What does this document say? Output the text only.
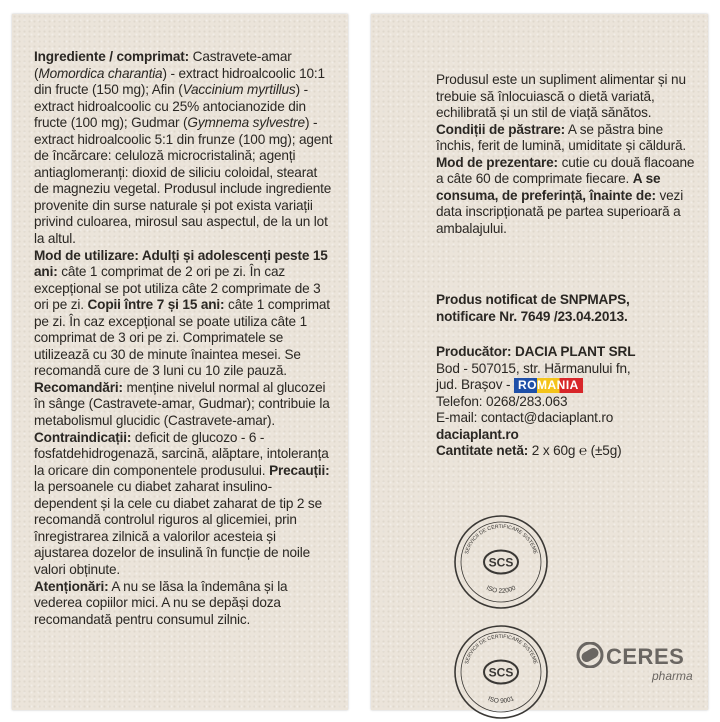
Ingrediente / comprimat: Castravete-amar (Momordica charantia) - extract hidroalcoolic 10:1 din fructe (150 mg); Afin (Vaccinium myrtillus) - extract hidroalcoolic cu 25% antocianozide din fructe (100 mg); Gudmar (Gymnema sylvestre) - extract hidroalcoolic 5:1 din frunze (100 mg); agent de încărcare: celuloză microcristalină; agenți antiaglomeranți: dioxid de siliciu coloidal, stearat de magneziu vegetal. Produsul include ingrediente provenite din surse naturale și pot exista variații privind culoarea, mirosul sau aspectul, de la un lot la altul.

Mod de utilizare: Adulți și adolescenți peste 15 ani: câte 1 comprimat de 2 ori pe zi. În caz excepțional se pot utiliza câte 2 comprimate de 3 ori pe zi. Copii între 7 și 15 ani: câte 1 comprimat pe zi. În caz excepțional se poate utiliza câte 1 comprimat de 3 ori pe zi. Comprimatele se utilizează cu 30 de minute înaintea mesei. Se recomandă cure de 3 luni cu 10 zile pauză.

Recomandări: menține nivelul normal al glucozei în sânge (Castravete-amar, Gudmar); contribuie la metabolismul glucidic (Castravete-amar). Contraindicații: deficit de glucozo - 6 - fosfatdehidrogenază, sarcină, alăptare, intoleranța la oricare din componentele produsului. Precauții: la persoanele cu diabet zaharat insulino-dependent și la cele cu diabet zaharat de tip 2 se recomandă controlul riguros al glicemiei, prin înregistrarea zilnică a valorilor acesteia și ajustarea dozelor de insulină în funcție de noile valori obținute.

Atenționări: A nu se lăsa la îndemâna și la vederea copiilor mici. A nu se depăși doza recomandată pentru consumul zilnic.

Produsul este un supliment alimentar și nu trebuie să înlocuiască o dietă variată, echilibrată și un stil de viață sănătos. Condiții de păstrare: A se păstra bine închis, ferit de lumină, umiditate și căldură. Mod de prezentare: cutie cu două flacoane a câte 60 de comprimate fiecare. A se consuma, de preferință, înainte de: vezi data inscripționată pe partea superioară a ambalajului.

Produs notificat de SNPMAPS,

notificare Nr. 7649 /23.04.2013.

Producător: DACIA PLANT SRL

Bod - 507015, str. Hărmanului fn,

jud. Brașov - ROMANIA

Telefon: 0268/283.063

E-mail: contact@daciaplant.ro

daciaplant.ro

Cantitate netă: 2 x 60g ℮ (±5g)

SERVICII DE CERTIFICARE SISTEME
SCS
ISO 22000
SERVICII DE CERTIFICARE SISTEME
SCS
ISO 9001
CERES
pharma
